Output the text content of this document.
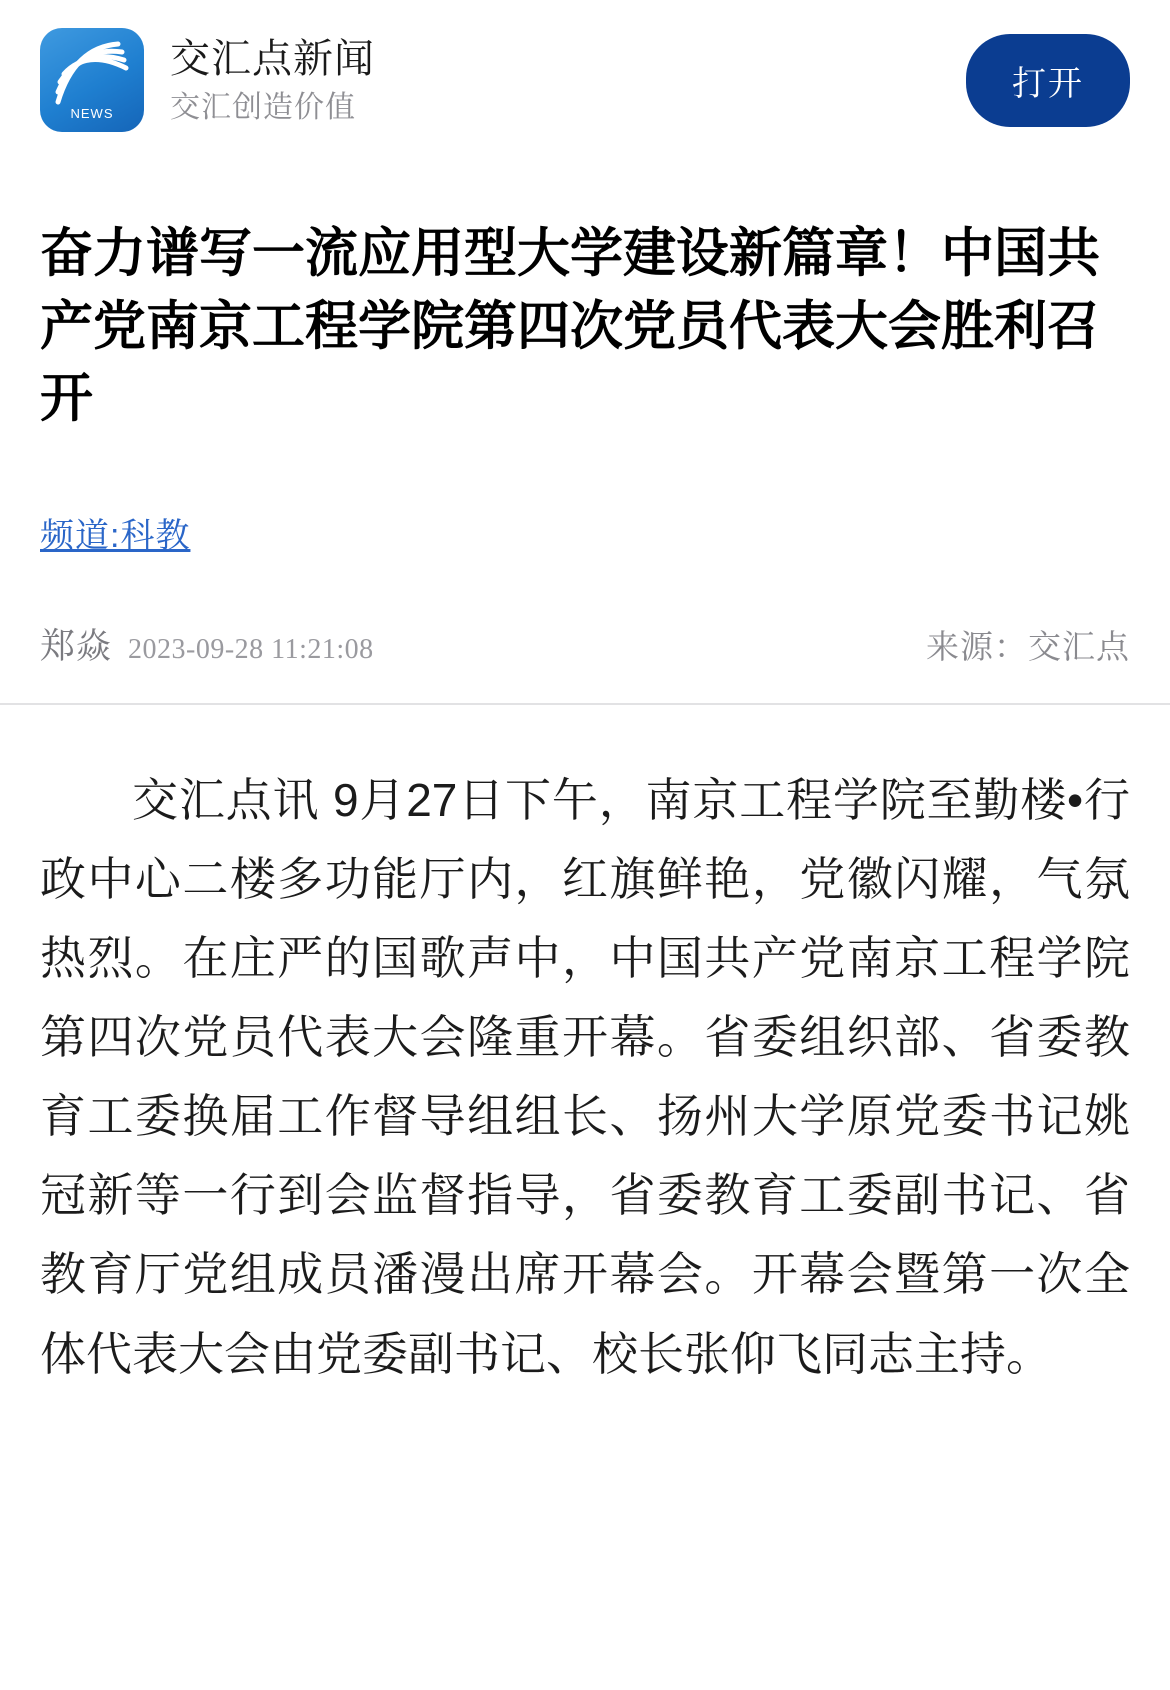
NEWS
交汇点新闻
交汇创造价值
打开
奋力谱写一流应用型大学建设新篇章！中国共产党南京工程学院第四次党员代表大会胜利召开
频道:科教
郑焱 2023-09-28 11:21:08	来源：交汇点

交汇点讯 9月27日下午，南京工程学院至勤楼•行政中心二楼多功能厅内，红旗鲜艳，党徽闪耀，气氛热烈。在庄严的国歌声中，中国共产党南京工程学院第四次党员代表大会隆重开幕。省委组织部、省委教育工委换届工作督导组组长、扬州大学原党委书记姚冠新等一行到会监督指导，省委教育工委副书记、省教育厅党组成员潘漫出席开幕会。开幕会暨第一次全体代表大会由党委副书记、校长张仰飞同志主持。
